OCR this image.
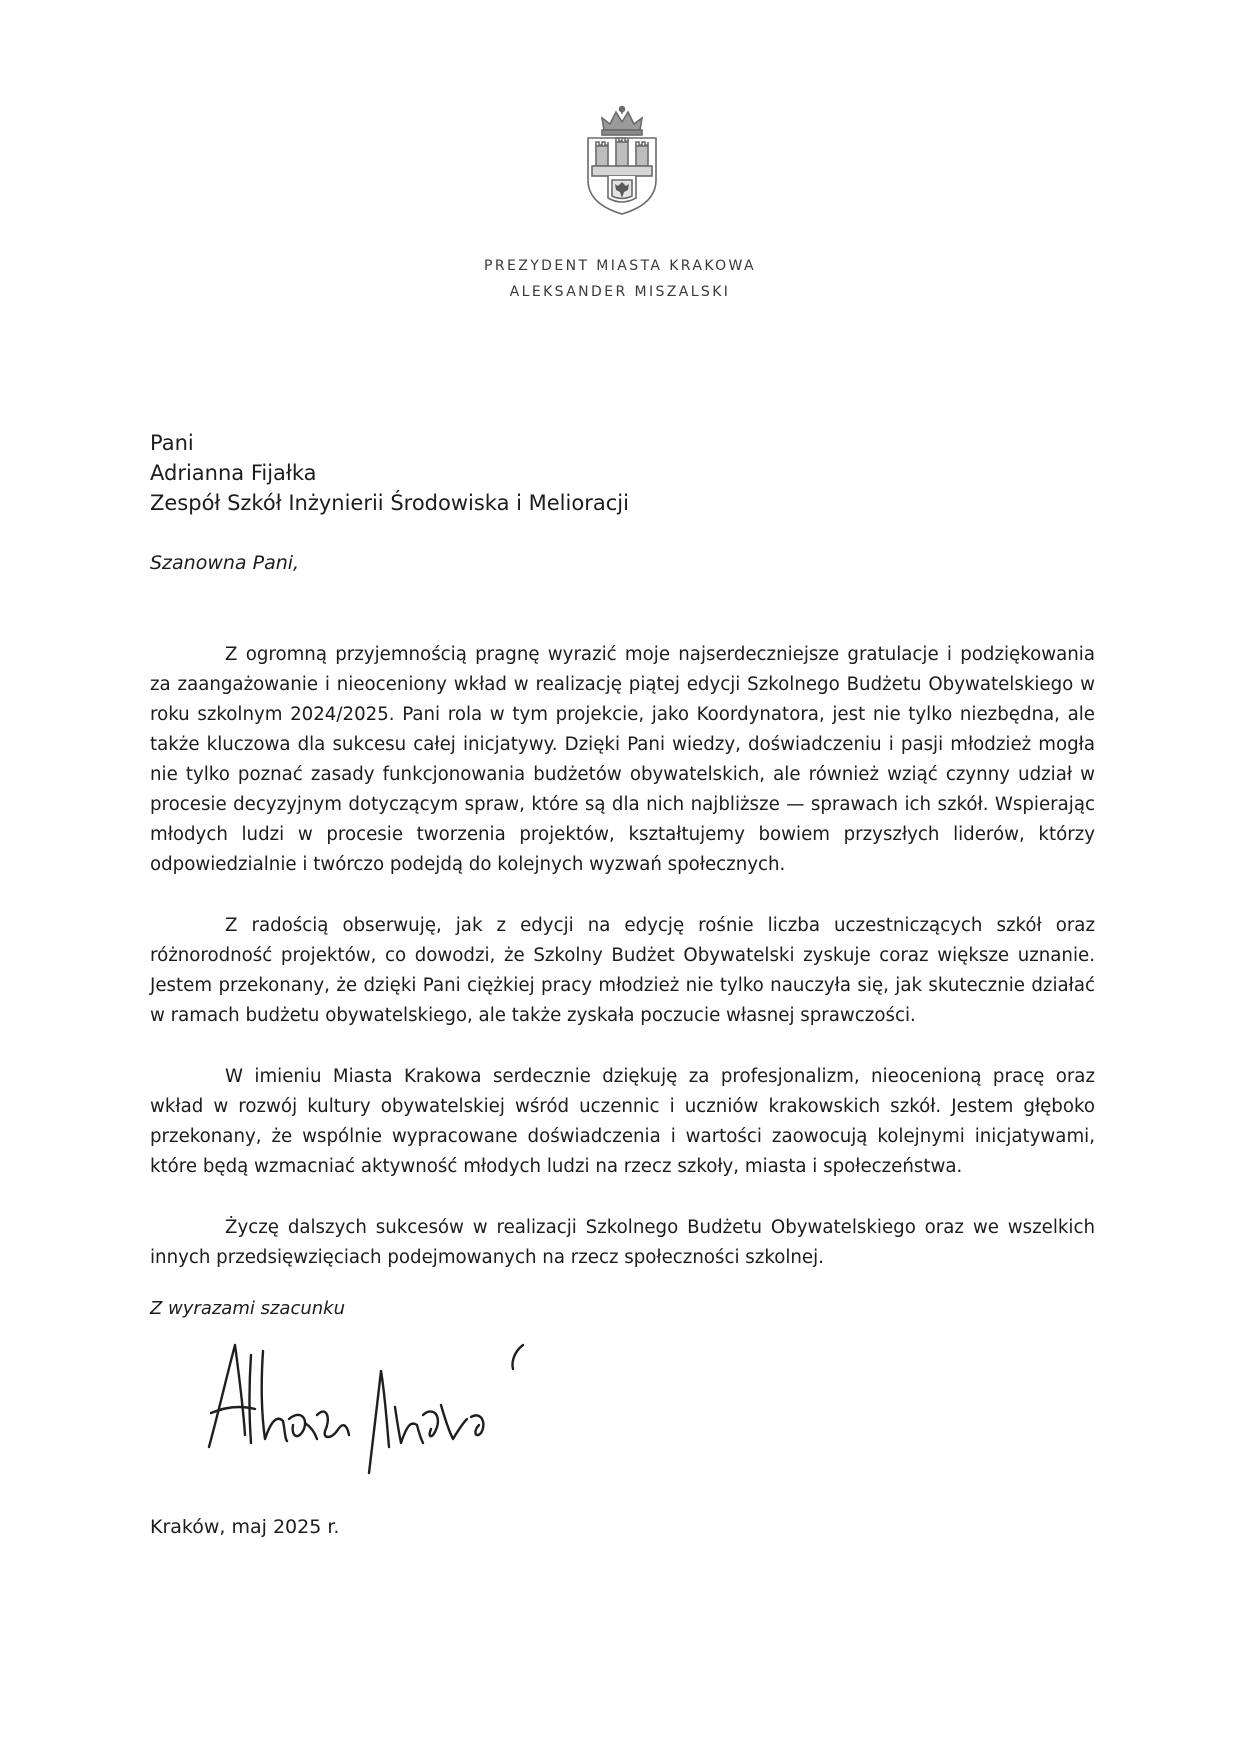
PREZYDENT MIASTA KRAKOWA
ALEKSANDER MISZALSKI
Pani
Adrianna Fijałka
Zespół Szkół Inżynierii Środowiska i Melioracji
Szanowna Pani,

Z ogromną przyjemnością pragnę wyrazić moje najserdeczniejsze gratulacje i podziękowania za zaangażowanie i nieoceniony wkład w realizację piątej edycji Szkolnego Budżetu Obywatelskiego w roku szkolnym 2024/2025. Pani rola w tym projekcie, jako Koordynatora, jest nie tylko niezbędna, ale także kluczowa dla sukcesu całej inicjatywy. Dzięki Pani wiedzy, doświadczeniu i pasji młodzież mogła nie tylko poznać zasady funkcjonowania budżetów obywatelskich, ale również wziąć czynny udział w procesie decyzyjnym dotyczącym spraw, które są dla nich najbliższe — sprawach ich szkół. Wspierając młodych ludzi w procesie tworzenia projektów, kształtujemy bowiem przyszłych liderów, którzy odpowiedzialnie i twórczo podejdą do kolejnych wyzwań społecznych.

Z radością obserwuję, jak z edycji na edycję rośnie liczba uczestniczących szkół oraz różnorodność projektów, co dowodzi, że Szkolny Budżet Obywatelski zyskuje coraz większe uznanie. Jestem przekonany, że dzięki Pani ciężkiej pracy młodzież nie tylko nauczyła się, jak skutecznie działać w ramach budżetu obywatelskiego, ale także zyskała poczucie własnej sprawczości.

W imieniu Miasta Krakowa serdecznie dziękuję za profesjonalizm, nieocenioną pracę oraz wkład w rozwój kultury obywatelskiej wśród uczennic i uczniów krakowskich szkół. Jestem głęboko przekonany, że wspólnie wypracowane doświadczenia i wartości zaowocują kolejnymi inicjatywami, które będą wzmacniać aktywność młodych ludzi na rzecz szkoły, miasta i społeczeństwa.

Życzę dalszych sukcesów w realizacji Szkolnego Budżetu Obywatelskiego oraz we wszelkich innych przedsięwzięciach podejmowanych na rzecz społeczności szkolnej.

Z wyrazami szacunku
Kraków, maj 2025 r.
